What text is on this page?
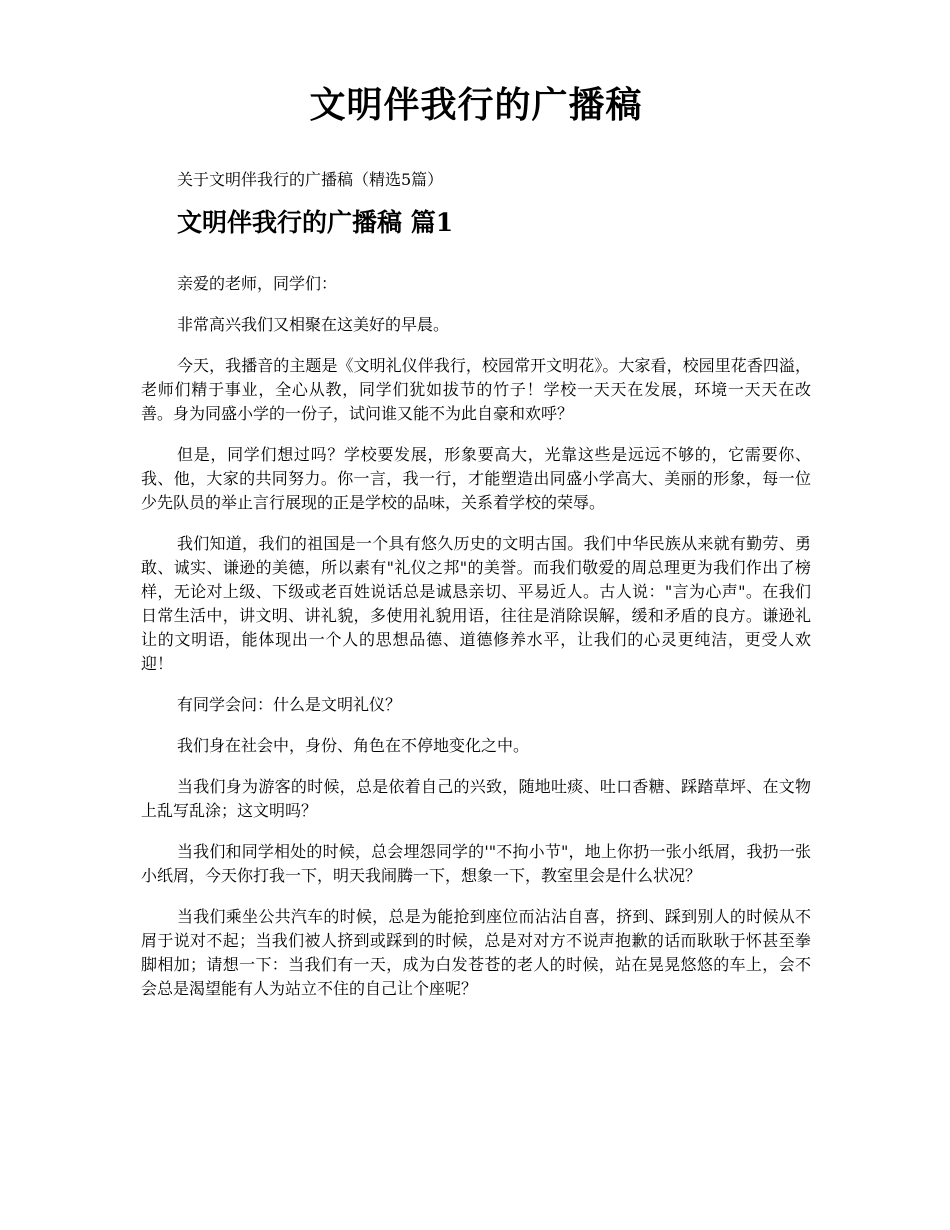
文明伴我行的广播稿

关于文明伴我行的广播稿（精选5篇）

文明伴我行的广播稿 篇1

亲爱的老师，同学们：

非常高兴我们又相聚在这美好的早晨。

今天，我播音的主题是《文明礼仪伴我行，校园常开文明花》。大家看，校园里花香四溢，老师们精于事业，全心从教，同学们犹如拔节的竹子！学校一天天在发展，环境一天天在改善。身为同盛小学的一份子，试问谁又能不为此自豪和欢呼？

但是，同学们想过吗？学校要发展，形象要高大，光靠这些是远远不够的，它需要你、我、他，大家的共同努力。你一言，我一行，才能塑造出同盛小学高大、美丽的形象，每一位少先队员的举止言行展现的正是学校的品味，关系着学校的荣辱。

我们知道，我们的祖国是一个具有悠久历史的文明古国。我们中华民族从来就有勤劳、勇敢、诚实、谦逊的美德，所以素有"礼仪之邦"的美誉。而我们敬爱的周总理更为我们作出了榜样，无论对上级、下级或老百姓说话总是诚恳亲切、平易近人。古人说："言为心声"。在我们日常生活中，讲文明、讲礼貌，多使用礼貌用语，往往是消除误解，缓和矛盾的良方。谦逊礼让的文明语，能体现出一个人的思想品德、道德修养水平，让我们的心灵更纯洁，更受人欢迎！

有同学会问：什么是文明礼仪？

我们身在社会中，身份、角色在不停地变化之中。

当我们身为游客的时候，总是依着自己的兴致，随地吐痰、吐口香糖、踩踏草坪、在文物上乱写乱涂；这文明吗？

当我们和同学相处的时候，总会埋怨同学的'"不拘小节"，地上你扔一张小纸屑，我扔一张小纸屑，今天你打我一下，明天我闹腾一下，想象一下，教室里会是什么状况？

当我们乘坐公共汽车的时候，总是为能抢到座位而沾沾自喜，挤到、踩到别人的时候从不屑于说对不起；当我们被人挤到或踩到的时候，总是对对方不说声抱歉的话而耿耿于怀甚至拳脚相加；请想一下：当我们有一天，成为白发苍苍的老人的时候，站在晃晃悠悠的车上，会不会总是渴望能有人为站立不住的自己让个座呢？
